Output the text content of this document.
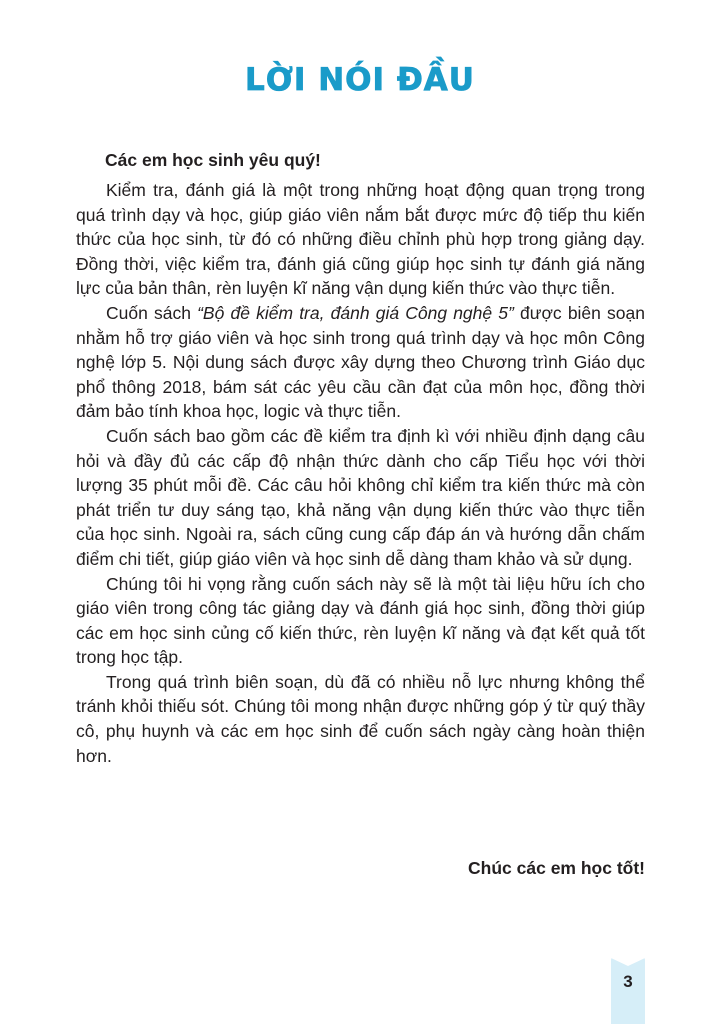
LỜI NÓI ĐẦU
Các em học sinh yêu quý!

Kiểm tra, đánh giá là một trong những hoạt động quan trọng trong quá trình dạy và học, giúp giáo viên nắm bắt được mức độ tiếp thu kiến thức của học sinh, từ đó có những điều chỉnh phù hợp trong giảng dạy. Đồng thời, việc kiểm tra, đánh giá cũng giúp học sinh tự đánh giá năng lực của bản thân, rèn luyện kĩ năng vận dụng kiến thức vào thực tiễn.

Cuốn sách “Bộ đề kiểm tra, đánh giá Công nghệ 5” được biên soạn nhằm hỗ trợ giáo viên và học sinh trong quá trình dạy và học môn Công nghệ lớp 5. Nội dung sách được xây dựng theo Chương trình Giáo dục phổ thông 2018, bám sát các yêu cầu cần đạt của môn học, đồng thời đảm bảo tính khoa học, logic và thực tiễn.

Cuốn sách bao gồm các đề kiểm tra định kì với nhiều định dạng câu hỏi và đầy đủ các cấp độ nhận thức dành cho cấp Tiểu học với thời lượng 35 phút mỗi đề. Các câu hỏi không chỉ kiểm tra kiến thức mà còn phát triển tư duy sáng tạo, khả năng vận dụng kiến thức vào thực tiễn của học sinh. Ngoài ra, sách cũng cung cấp đáp án và hướng dẫn chấm điểm chi tiết, giúp giáo viên và học sinh dễ dàng tham khảo và sử dụng.

Chúng tôi hi vọng rằng cuốn sách này sẽ là một tài liệu hữu ích cho giáo viên trong công tác giảng dạy và đánh giá học sinh, đồng thời giúp các em học sinh củng cố kiến thức, rèn luyện kĩ năng và đạt kết quả tốt trong học tập.

Trong quá trình biên soạn, dù đã có nhiều nỗ lực nhưng không thể tránh khỏi thiếu sót. Chúng tôi mong nhận được những góp ý từ quý thầy cô, phụ huynh và các em học sinh để cuốn sách ngày càng hoàn thiện hơn.

Chúc các em học tốt!
3
